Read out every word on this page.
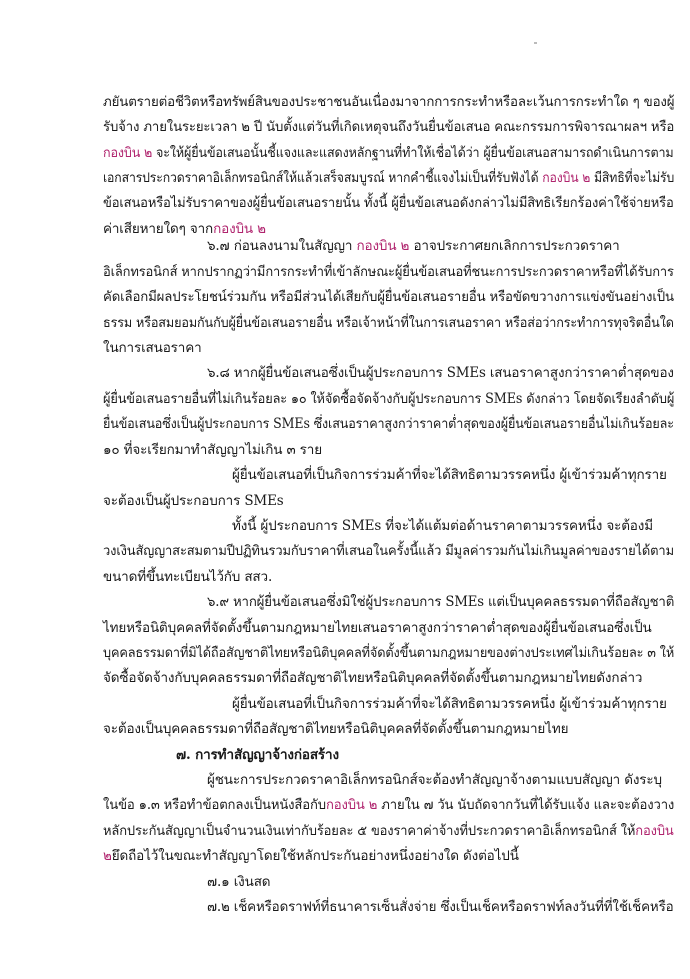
ภยันตรายต่อชีวิตหรือทรัพย์สินของประชาชนอันเนื่องมาจากการกระทำหรือละเว้นการกระทำใด ๆ ของผู้
รับจ้าง ภายในระยะเวลา ๒ ปี นับตั้งแต่วันที่เกิดเหตุจนถึงวันยื่นข้อเสนอ คณะกรรมการพิจารณาผลฯ หรือ
กองบิน ๒ จะให้ผู้ยื่นข้อเสนอนั้นชี้แจงและแสดงหลักฐานที่ทำให้เชื่อได้ว่า ผู้ยื่นข้อเสนอสามารถดำเนินการตาม
เอกสารประกวดราคาอิเล็กทรอนิกส์ให้แล้วเสร็จสมบูรณ์ หากคำชี้แจงไม่เป็นที่รับฟังได้ กองบิน ๒ มีสิทธิที่จะไม่รับ
ข้อเสนอหรือไม่รับราคาของผู้ยื่นข้อเสนอรายนั้น ทั้งนี้ ผู้ยื่นข้อเสนอดังกล่าวไม่มีสิทธิเรียกร้องค่าใช้จ่ายหรือ
ค่าเสียหายใดๆ จากกองบิน ๒
๖.๗ ก่อนลงนามในสัญญา กองบิน ๒ อาจประกาศยกเลิกการประกวดราคา
อิเล็กทรอนิกส์ หากปรากฏว่ามีการกระทำที่เข้าลักษณะผู้ยื่นข้อเสนอที่ชนะการประกวดราคาหรือที่ได้รับการ
คัดเลือกมีผลประโยชน์ร่วมกัน หรือมีส่วนได้เสียกับผู้ยื่นข้อเสนอรายอื่น หรือขัดขวางการแข่งขันอย่างเป็น
ธรรม หรือสมยอมกันกับผู้ยื่นข้อเสนอรายอื่น หรือเจ้าหน้าที่ในการเสนอราคา หรือส่อว่ากระทำการทุจริตอื่นใด
ในการเสนอราคา
๖.๘ หากผู้ยื่นข้อเสนอซึ่งเป็นผู้ประกอบการ SMEs เสนอราคาสูงกว่าราคาต่ำสุดของ
ผู้ยื่นข้อเสนอรายอื่นที่ไม่เกินร้อยละ ๑๐ ให้จัดซื้อจัดจ้างกับผู้ประกอบการ SMEs ดังกล่าว โดยจัดเรียงลำดับผู้
ยื่นข้อเสนอซึ่งเป็นผู้ประกอบการ SMEs ซึ่งเสนอราคาสูงกว่าราคาต่ำสุดของผู้ยื่นข้อเสนอรายอื่นไม่เกินร้อยละ
๑๐ ที่จะเรียกมาทำสัญญาไม่เกิน ๓ ราย
ผู้ยื่นข้อเสนอที่เป็นกิจการร่วมค้าที่จะได้สิทธิตามวรรคหนึ่ง ผู้เข้าร่วมค้าทุกราย
จะต้องเป็นผู้ประกอบการ SMEs
ทั้งนี้ ผู้ประกอบการ SMEs ที่จะได้แต้มต่อด้านราคาตามวรรคหนึ่ง จะต้องมี
วงเงินสัญญาสะสมตามปีปฏิทินรวมกับราคาที่เสนอในครั้งนี้แล้ว มีมูลค่ารวมกันไม่เกินมูลค่าของรายได้ตาม
ขนาดที่ขึ้นทะเบียนไว้กับ สสว.
๖.๙ หากผู้ยื่นข้อเสนอซึ่งมิใช่ผู้ประกอบการ SMEs แต่เป็นบุคคลธรรมดาที่ถือสัญชาติ
ไทยหรือนิติบุคคลที่จัดตั้งขึ้นตามกฎหมายไทยเสนอราคาสูงกว่าราคาต่ำสุดของผู้ยื่นข้อเสนอซึ่งเป็น
บุคคลธรรมดาที่มิได้ถือสัญชาติไทยหรือนิติบุคคลที่จัดตั้งขึ้นตามกฎหมายของต่างประเทศไม่เกินร้อยละ ๓ ให้
จัดซื้อจัดจ้างกับบุคคลธรรมดาที่ถือสัญชาติไทยหรือนิติบุคคลที่จัดตั้งขึ้นตามกฎหมายไทยดังกล่าว
ผู้ยื่นข้อเสนอที่เป็นกิจการร่วมค้าที่จะได้สิทธิตามวรรคหนึ่ง ผู้เข้าร่วมค้าทุกราย
จะต้องเป็นบุคคลธรรมดาที่ถือสัญชาติไทยหรือนิติบุคคลที่จัดตั้งขึ้นตามกฎหมายไทย
๗. การทำสัญญาจ้างก่อสร้าง
ผู้ชนะการประกวดราคาอิเล็กทรอนิกส์จะต้องทำสัญญาจ้างตามแบบสัญญา ดังระบุ
ในข้อ ๑.๓ หรือทำข้อตกลงเป็นหนังสือกับกองบิน ๒ ภายใน ๗ วัน นับถัดจากวันที่ได้รับแจ้ง และจะต้องวาง
หลักประกันสัญญาเป็นจำนวนเงินเท่ากับร้อยละ ๕ ของราคาค่าจ้างที่ประกวดราคาอิเล็กทรอนิกส์ ให้กองบิน
๒ยึดถือไว้ในขณะทำสัญญาโดยใช้หลักประกันอย่างหนึ่งอย่างใด ดังต่อไปนี้
๗.๑ เงินสด
๗.๒ เช็คหรือดราฟท์ที่ธนาคารเซ็นสั่งจ่าย ซึ่งเป็นเช็คหรือดราฟท์ลงวันที่ที่ใช้เช็คหรือ
